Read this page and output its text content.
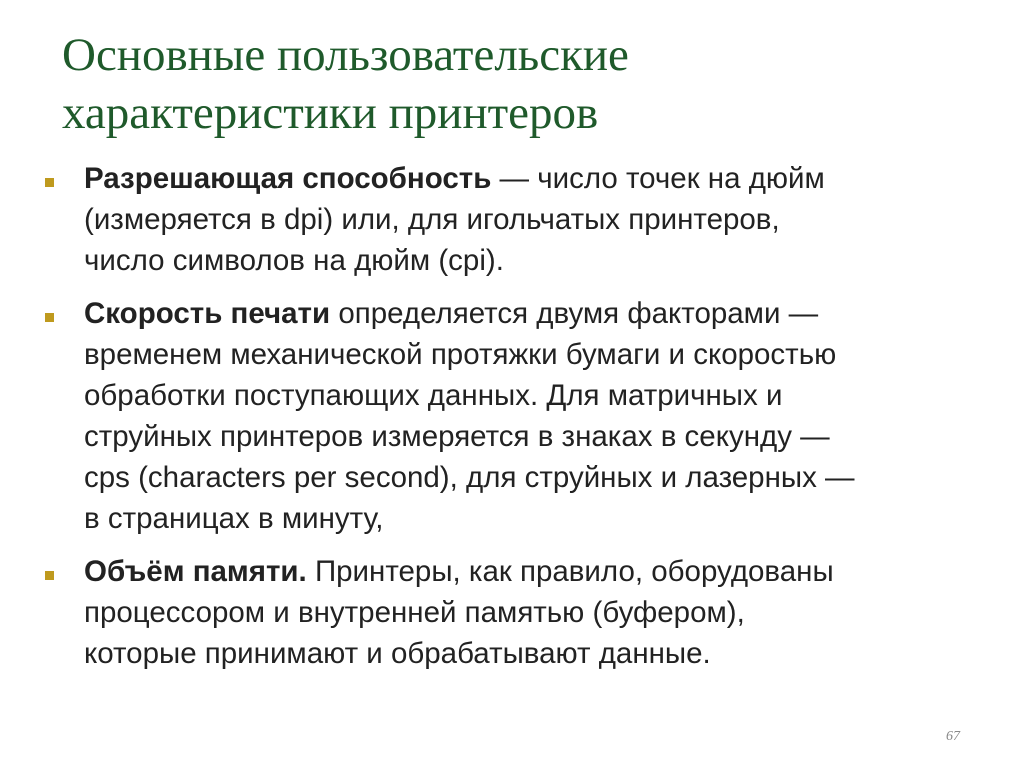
Основные пользовательские
характеристики принтеров
Разрешающая способность — число точек на дюйм
(измеряется в dpi) или, для игольчатых принтеров,
число символов на дюйм (cpi).
Скорость печати определяется двумя факторами —
временем механической протяжки бумаги и скоростью
обработки поступающих данных. Для матричных и
струйных принтеров измеряется в знаках в секунду —
cps (characters per second), для струйных и лазерных —
в страницах в минуту,
Объём памяти. Принтеры, как правило, оборудованы
процессором и внутренней памятью (буфером),
которые принимают и обрабатывают данные.
67
